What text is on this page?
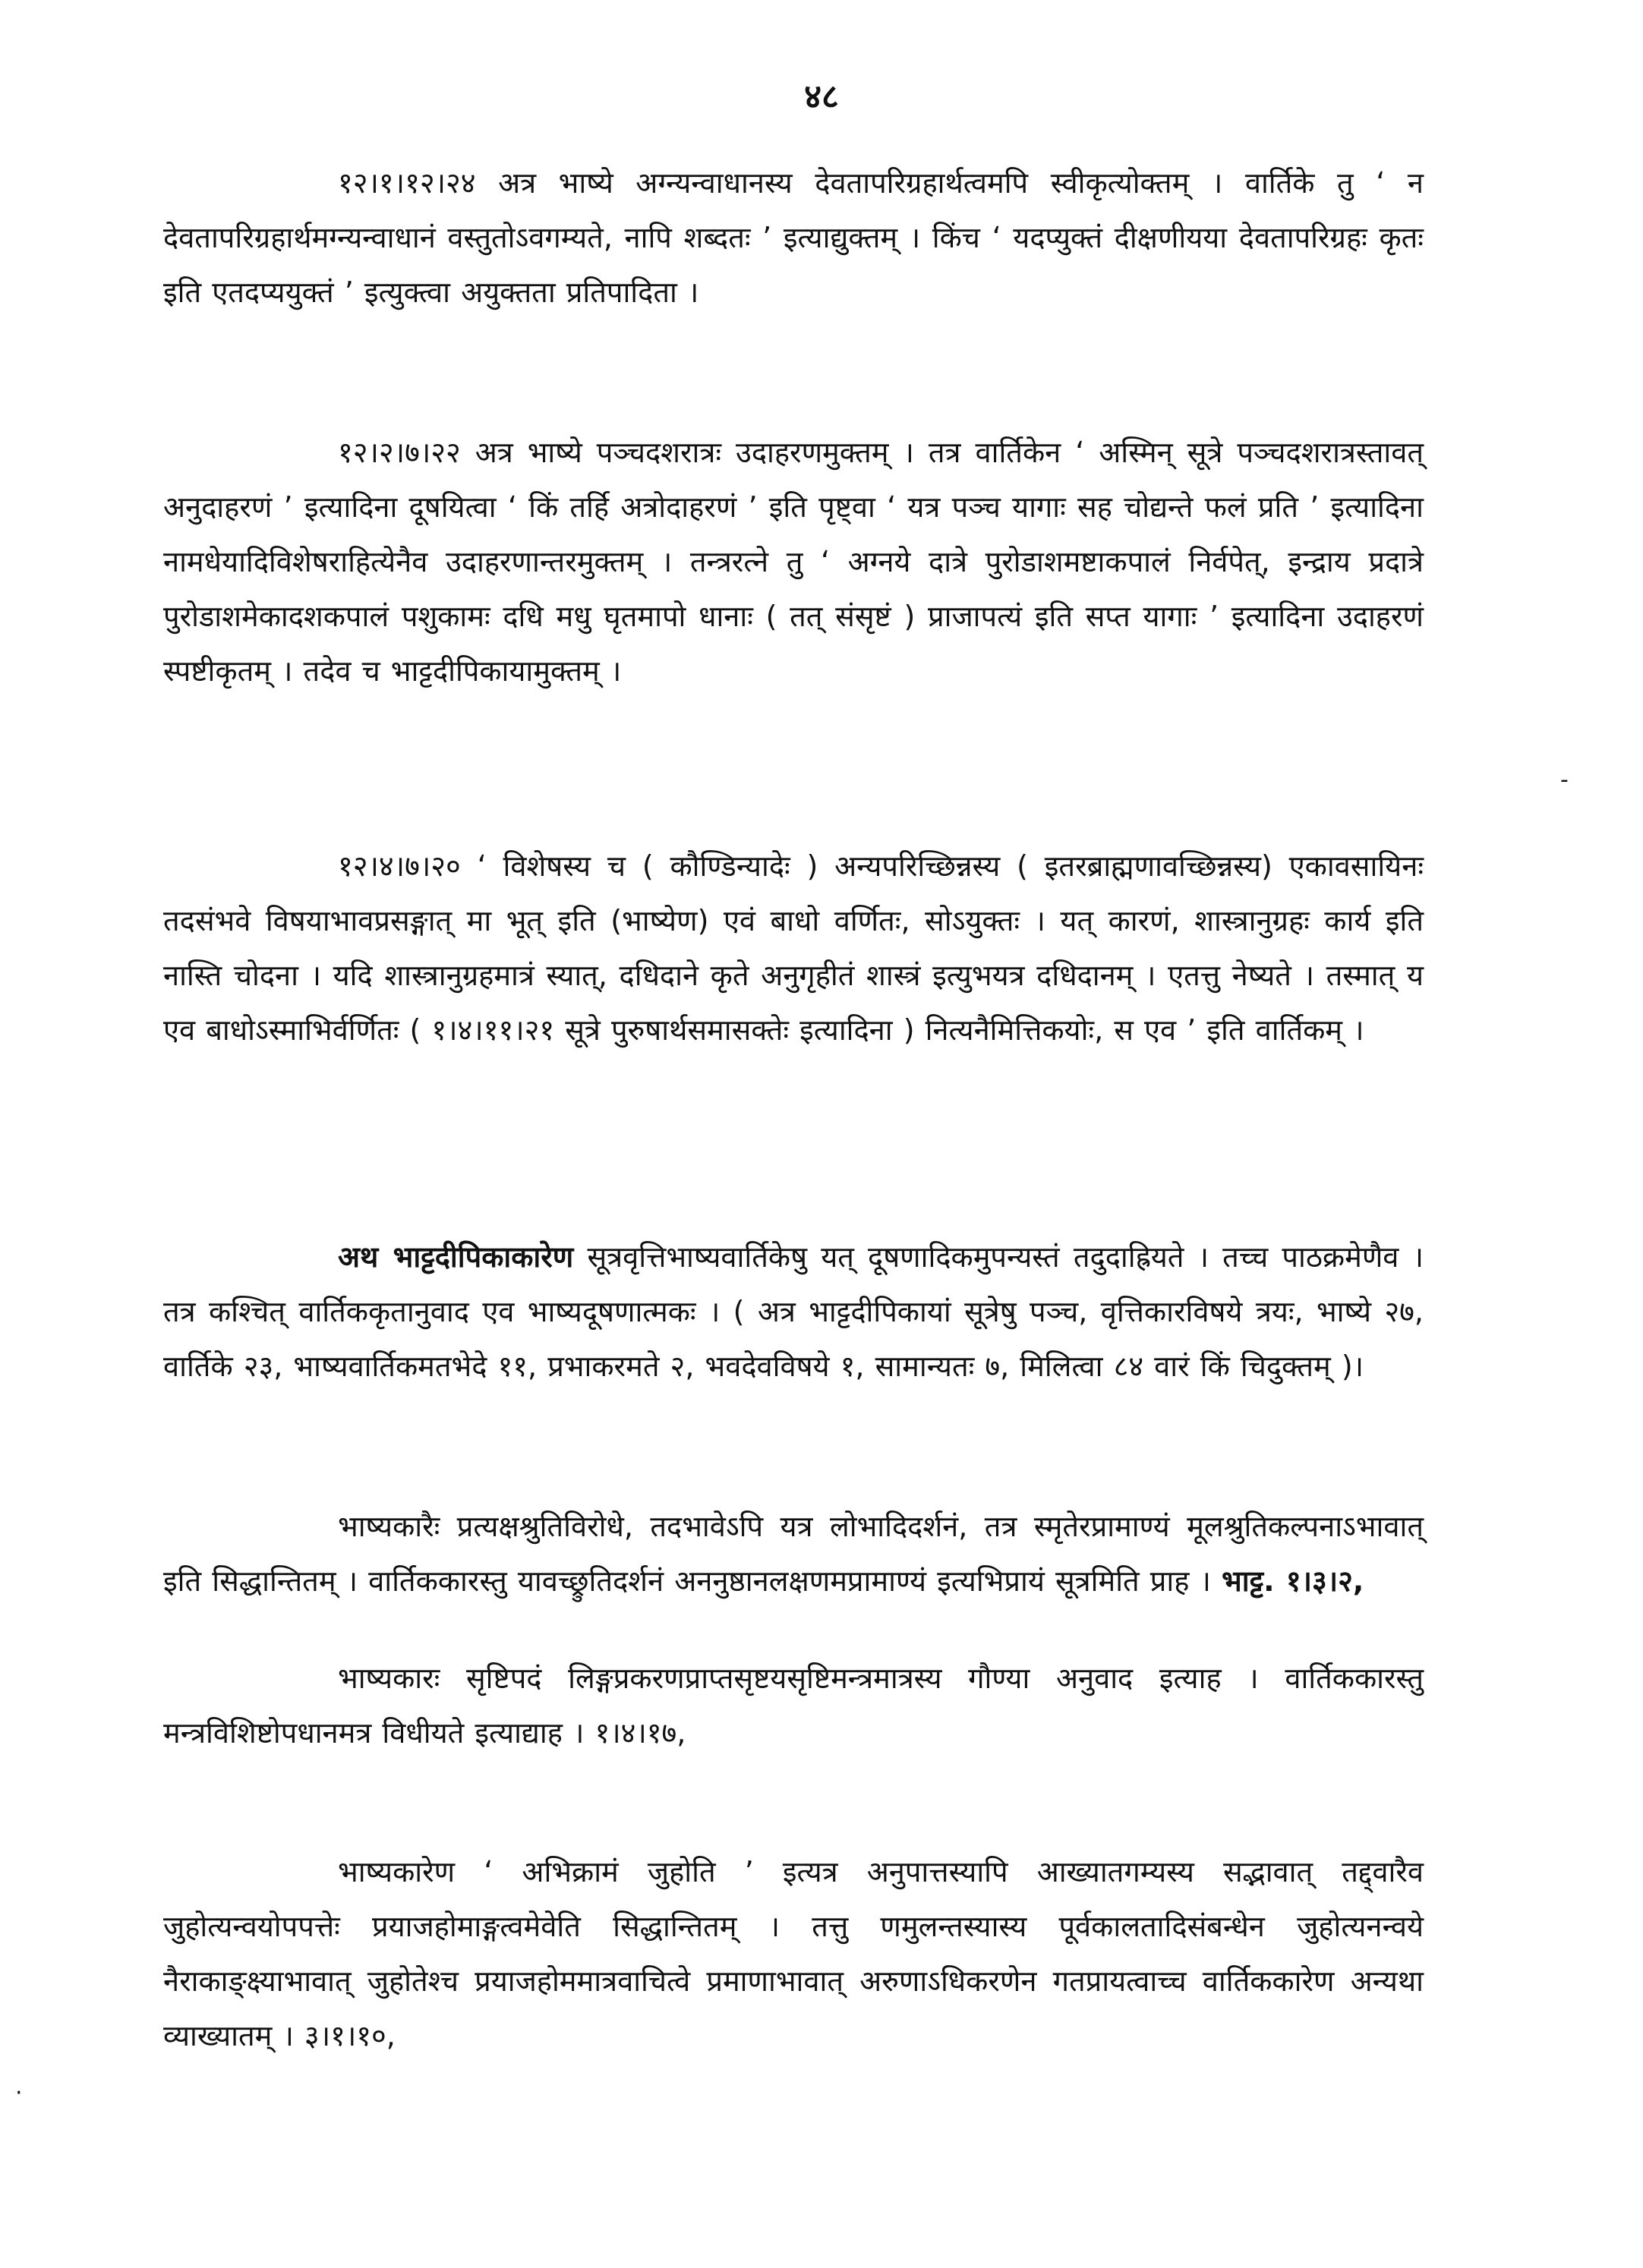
४८

१२।१।१२।२४ अत्र भाष्ये अग्न्यन्वाधानस्य देवतापरिग्रहार्थत्वमपि स्वीकृत्योक्तम् । वार्तिके तु ‘ न देवतापरिग्रहार्थमग्न्यन्वाधानं वस्तुतोऽवगम्यते, नापि शब्दतः ’ इत्याद्युक्तम् । किंच ‘ यदप्युक्तं दीक्षणीयया देवतापरिग्रहः कृतः इति एतदप्ययुक्तं ’ इत्युक्त्वा अयुक्तता प्रतिपादिता ।

१२।२।७।२२ अत्र भाष्ये पञ्चदशरात्रः उदाहरणमुक्तम् । तत्र वार्तिकेन ‘ अस्मिन् सूत्रे पञ्चदशरात्रस्तावत् अनुदाहरणं ’ इत्यादिना दूषयित्वा ‘ किं तर्हि अत्रोदाहरणं ’ इति पृष्ट्वा ‘ यत्र पञ्च यागाः सह चोद्यन्ते फलं प्रति ’ इत्यादिना नामधेयादिविशेषराहित्येनैव उदाहरणान्तरमुक्तम् । तन्त्ररत्ने तु ‘ अग्नये दात्रे पुरोडाशमष्टाकपालं निर्वपेत्, इन्द्राय प्रदात्रे पुरोडाशमेकादशकपालं पशुकामः दधि मधु घृतमापो धानाः ( तत् संसृष्टं ) प्राजापत्यं इति सप्त यागाः ’ इत्यादिना उदाहरणं स्पष्टीकृतम् । तदेव च भाट्टदीपिकायामुक्तम् ।

१२।४।७।२० ‘ विशेषस्य च ( कौण्डिन्यादेः ) अन्यपरिच्छिन्नस्य ( इतरब्राह्मणावच्छिन्नस्य) एकावसायिनः तदसंभवे विषयाभावप्रसङ्गात् मा भूत् इति (भाष्येण) एवं बाधो वर्णितः, सोऽयुक्तः । यत् कारणं, शास्त्रानुग्रहः कार्य इति नास्ति चोदना । यदि शास्त्रानुग्रहमात्रं स्यात्, दधिदाने कृते अनुगृहीतं शास्त्रं इत्युभयत्र दधिदानम् । एतत्तु नेष्यते । तस्मात् य एव बाधोऽस्माभिर्वर्णितः ( १।४।११।२१ सूत्रे पुरुषार्थसमासक्तेः इत्यादिना ) नित्यनैमित्तिकयोः, स एव ’ इति वार्तिकम् ।

अथ भाट्टदीपिकाकारेण सूत्रवृत्तिभाष्यवार्तिकेषु यत् दूषणादिकमुपन्यस्तं तदुदाह्रियते । तच्च पाठक्रमेणैव । तत्र कश्चित् वार्तिककृतानुवाद एव भाष्यदूषणात्मकः । ( अत्र भाट्टदीपिकायां सूत्रेषु पञ्च, वृत्तिकारविषये त्रयः, भाष्ये २७, वार्तिके २३, भाष्यवार्तिकमतभेदे ११, प्रभाकरमते २, भवदेवविषये १, सामान्यतः ७, मिलित्वा ८४ वारं किं चिदुक्तम् )।

भाष्यकारैः प्रत्यक्षश्रुतिविरोधे, तदभावेऽपि यत्र लोभादिदर्शनं, तत्र स्मृतेरप्रामाण्यं मूलश्रुतिकल्पनाऽभावात् इति सिद्धान्तितम् । वार्तिककारस्तु यावच्छ्रुतिदर्शनं अननुष्ठानलक्षणमप्रामाण्यं इत्यभिप्रायं सूत्रमिति प्राह । भाट्ट. १।३।२,

भाष्यकारः सृष्टिपदं लिङ्गप्रकरणप्राप्तसृष्टयसृष्टिमन्त्रमात्रस्य गौण्या अनुवाद इत्याह । वार्तिककारस्तु मन्त्रविशिष्टोपधानमत्र विधीयते इत्याद्याह । १।४।१७,

भाष्यकारेण ‘ अभिक्रामं जुहोति ’ इत्यत्र अनुपात्तस्यापि आख्यातगम्यस्य सद्भावात् तद्द्वारैव जुहोत्यन्वयोपपत्तेः प्रयाजहोमाङ्गत्वमेवेति सिद्धान्तितम् । तत्तु णमुलन्तस्यास्य पूर्वकालतादिसंबन्धेन जुहोत्यनन्वये नैराकाङ्क्ष्याभावात् जुहोतेश्च प्रयाजहोममात्रवाचित्वे प्रमाणाभावात् अरुणाऽधिकरणेन गतप्रायत्वाच्च वार्तिककारेण अन्यथा व्याख्यातम् । ३।१।१०,

‐
·
